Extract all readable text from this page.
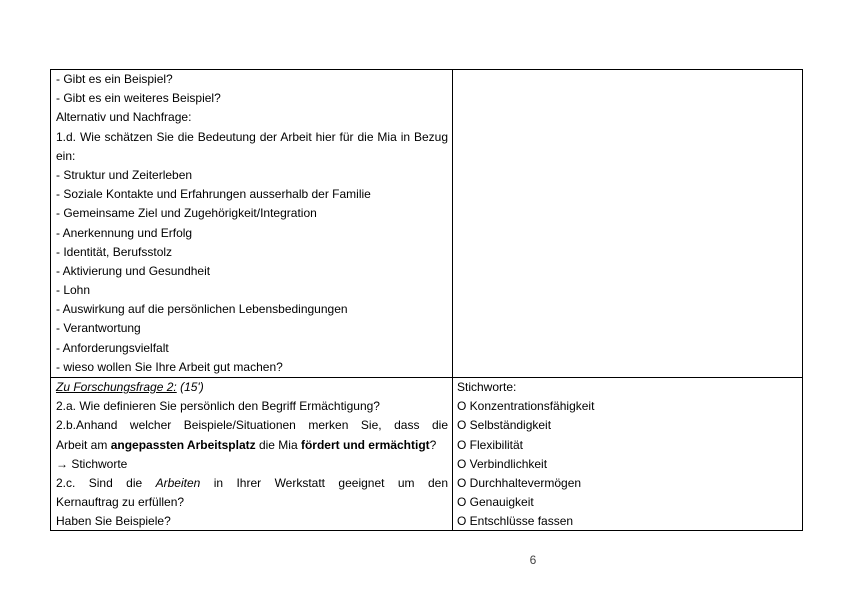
- Gibt es ein Beispiel?
- Gibt es ein weiteres Beispiel?
Alternativ und Nachfrage:
1.d. Wie schätzen Sie die Bedeutung der Arbeit hier für die Mia in Bezug
ein:
- Struktur und Zeiterleben
- Soziale Kontakte und Erfahrungen ausserhalb der Familie
- Gemeinsame Ziel und Zugehörigkeit/Integration
- Anerkennung und Erfolg
- Identität, Berufsstolz
- Aktivierung und Gesundheit
- Lohn
- Auswirkung auf die persönlichen Lebensbedingungen
- Verantwortung
- Anforderungsvielfalt
- wieso wollen Sie Ihre Arbeit gut machen?
Zu Forschungsfrage 2: (15')
2.a. Wie definieren Sie persönlich den Begriff Ermächtigung?
2.b.Anhand welcher Beispiele/Situationen merken Sie, dass die
Arbeit am angepassten Arbeitsplatz die Mia fördert und ermächtigt?
→ Stichworte
2.c. Sind die Arbeiten in Ihrer Werkstatt geeignet um den
Kernauftrag zu erfüllen?
Haben Sie Beispiele?
Stichworte:
O Konzentrationsfähigkeit
O Selbständigkeit
O Flexibilität
O Verbindlichkeit
O Durchhaltevermögen
O Genauigkeit
O Entschlüsse fassen
6
